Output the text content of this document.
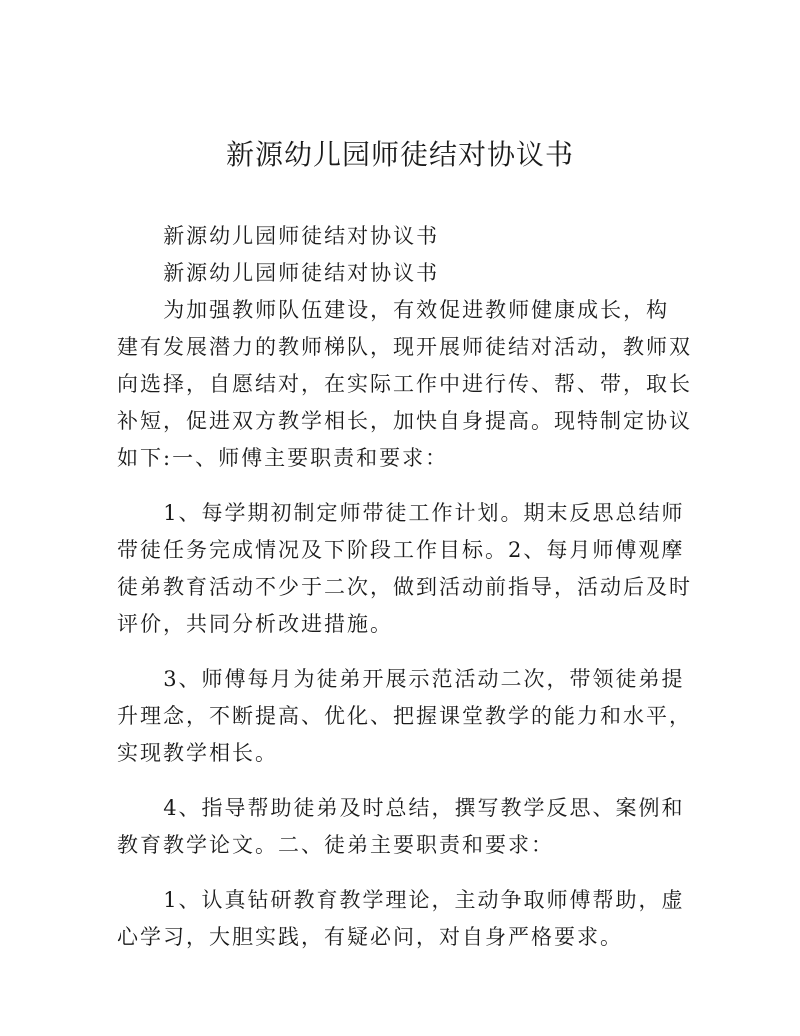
新源幼儿园师徒结对协议书

新源幼儿园师徒结对协议书

新源幼儿园师徒结对协议书

为加强教师队伍建设，有效促进教师健康成长，构建有发展潜力的教师梯队，现开展师徒结对活动，教师双向选择，自愿结对，在实际工作中进行传、帮、带，取长补短，促进双方教学相长，加快自身提高。现特制定协议如下:一、师傅主要职责和要求：

1、每学期初制定师带徒工作计划。期末反思总结师带徒任务完成情况及下阶段工作目标。2、每月师傅观摩徒弟教育活动不少于二次，做到活动前指导，活动后及时评价，共同分析改进措施。

3、师傅每月为徒弟开展示范活动二次，带领徒弟提升理念，不断提高、优化、把握课堂教学的能力和水平，实现教学相长。

4、指导帮助徒弟及时总结，撰写教学反思、案例和教育教学论文。二、徒弟主要职责和要求：

1、认真钻研教育教学理论，主动争取师傅帮助，虚心学习，大胆实践，有疑必问，对自身严格要求。
